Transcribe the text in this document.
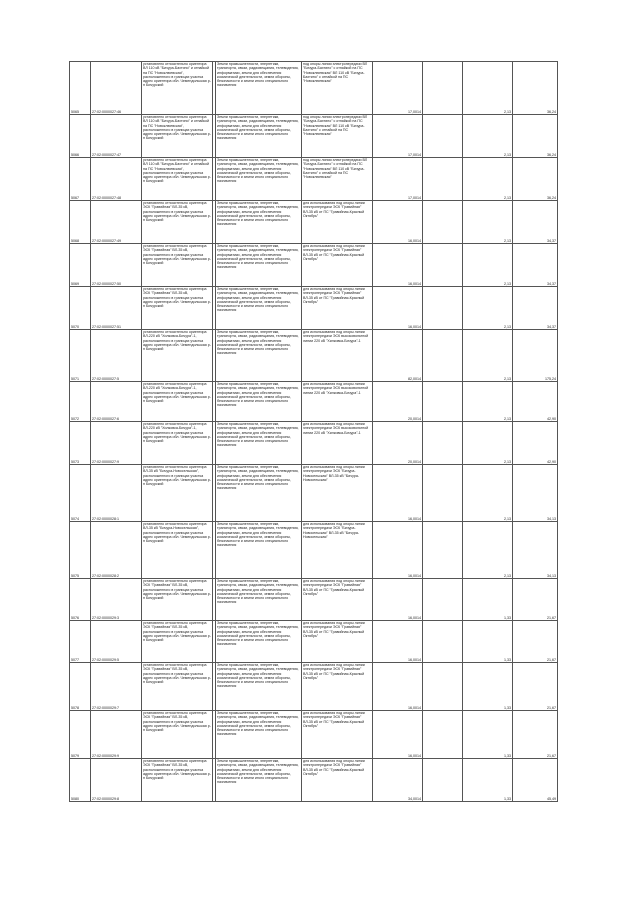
5065	27:02:0000027:46	установлено относительно ориентира ВЛ 110 кВ "Бичура-Бахтино" и отпайкой на ПС "Новоклюевская", расположенного в границах участка адрес ориентира обл. Чемендольская р-н Бичурский		Земли промышленности, энергетики, транспорта, связи, радиовещания, телевидения, информатики, земли для обеспечения космической деятельности, земли обороны, безопасности и земли иного специального назначения	под опоры линии электропередачи ВЛ "Бичура-Бахтино" с отпайкой на ПС "Новоклюевская" ВЛ 110 кВ "Бичура-Бахтино" с отпайкой на ПС "Новоклюевская"	17,0014		2,13	36,24
5066	27:02:0000027:47	установлено относительно ориентира ВЛ 110 кВ "Бичура-Бахтино" и отпайкой на ПС "Новоклюевская", расположенного в границах участка адрес ориентира обл. Чемендольская р-н Бичурский		Земли промышленности, энергетики, транспорта, связи, радиовещания, телевидения, информатики, земли для обеспечения космической деятельности, земли обороны, безопасности и земли иного специального назначения	под опоры линии электропередачи ВЛ "Бичура-Бахтино" с отпайкой на ПС "Новоклюевская" ВЛ 110 кВ "Бичура-Бахтино" с отпайкой на ПС "Новоклюевская"	17,0014		2,13	36,24
5067	27:02:0000027:48	установлено относительно ориентира ВЛ 110 кВ "Бичура-Бахтино" и отпайкой на ПС "Новоклюевская", расположенного в границах участка адрес ориентира обл. Чемендольская р-н Бичурский		Земли промышленности, энергетики, транспорта, связи, радиовещания, телевидения, информатики, земли для обеспечения космической деятельности, земли обороны, безопасности и земли иного специального назначения	под опоры линии электропередачи ВЛ "Бичура-Бахтино" с отпайкой на ПС "Новоклюевская" ВЛ 110 кВ "Бичура-Бахтино" с отпайкой на ПС "Новоклюевская"	17,0014		2,13	36,24
5068	27:02:0000027:49	установлено относительно ориентира ЭСК "Гравийная" ВЛ-35 кВ, расположенного в границах участка адрес ориентира обл. Чемендольская р-н Бичурский		Земли промышленности, энергетики, транспорта, связи, радиовещания, телевидения, информатики, земли для обеспечения космической деятельности, земли обороны, безопасности и земли иного специального назначения	для использования под опоры линии электропередачи ЭСК "Гравийная" ВЛ-35 кВ от ПС "Гравийная-Красный Октябрь"	16,0014		2,13	34,37
5069	27:02:0000027:50	установлено относительно ориентира ЭСК "Гравийная" ВЛ-35 кВ, расположенного в границах участка адрес ориентира обл. Чемендольская р-н Бичурский		Земли промышленности, энергетики, транспорта, связи, радиовещания, телевидения, информатики, земли для обеспечения космической деятельности, земли обороны, безопасности и земли иного специального назначения	для использования под опоры линии электропередачи ЭСК "Гравийная" ВЛ-35 кВ от ПС "Гравийная-Красный Октябрь"	16,0014		2,13	34,37
5070	27:02:0000027:51	установлено относительно ориентира ЭСК "Гравийная" ВЛ-35 кВ, расположенного в границах участка адрес ориентира обл. Чемендольская р-н Бичурский		Земли промышленности, энергетики, транспорта, связи, радиовещания, телевидения, информатики, земли для обеспечения космической деятельности, земли обороны, безопасности и земли иного специального назначения	для использования под опоры линии электропередачи ЭСК "Гравийная" ВЛ-35 кВ от ПС "Гравийная-Красный Октябрь"	16,0014		2,13	34,37
5071	27:02:0000027:5	установлено относительно ориентира ВЛ-220 кВ "Хилковка-Бичура"-1, расположенного в границах участка адрес ориентира обл. Чемендольская р-н Бичурский		Земли промышленности, энергетики, транспорта, связи, радиовещания, телевидения, информатики, земли для обеспечения космической деятельности, земли обороны, безопасности и земли иного специального назначения	для использования под опоры линии электропередачи ЭСК высоковольтной линии 220 кВ "Хилковка-Бичура"-1	82,0014		2,13	175,24
5072	27:02:0000027:6	установлено относительно ориентира ВЛ-220 кВ "Хилковка-Бичура"-1, расположенного в границах участка адрес ориентира обл. Чемендольская р-н Бичурский		Земли промышленности, энергетики, транспорта, связи, радиовещания, телевидения, информатики, земли для обеспечения космической деятельности, земли обороны, безопасности и земли иного специального назначения	для использования под опоры линии электропередачи ЭСК высоковольтной линии 220 кВ "Хилковка-Бичура"-1	20,0014		2,13	42,90
5073	27:02:0000027:9	установлено относительно ориентира ВЛ-220 кВ "Хилковка-Бичура"-1, расположенного в границах участка адрес ориентира обл. Чемендольская р-н Бичурский		Земли промышленности, энергетики, транспорта, связи, радиовещания, телевидения, информатики, земли для обеспечения космической деятельности, земли обороны, безопасности и земли иного специального назначения	для использования под опоры линии электропередачи ЭСК высоковольтной линии 220 кВ "Хилковка-Бичура"-1	20,0014		2,13	42,90
5074	27:02:0000028:1	установлено относительно ориентира ВЛ-35 кВ "Бичура-Новосельская", расположенного в границах участка адрес ориентира обл. Чемендольская р-н Бичурский		Земли промышленности, энергетики, транспорта, связи, радиовещания, телевидения, информатики, земли для обеспечения космической деятельности, земли обороны, безопасности и земли иного специального назначения	для использования под опоры линии электропередачи ЭСК "Бичура-Новосельская" ВЛ-35 кВ "Бичура-Новосельская"	16,0014		2,13	34,13
5075	27:02:0000028:2	установлено относительно ориентира ВЛ-35 кВ "Бичура-Новосельская", расположенного в границах участка адрес ориентира обл. Чемендольская р-н Бичурский		Земли промышленности, энергетики, транспорта, связи, радиовещания, телевидения, информатики, земли для обеспечения космической деятельности, земли обороны, безопасности и земли иного специального назначения	для использования под опоры линии электропередачи ЭСК "Бичура-Новосельская" ВЛ-35 кВ "Бичура-Новосельская"	16,0014		2,13	34,13
5076	27:02:0000029:3	установлено относительно ориентира ЭСК "Гравийная" ВЛ-35 кВ, расположенного в границах участка адрес ориентира обл. Чемендольская р-н Бичурский		Земли промышленности, энергетики, транспорта, связи, радиовещания, телевидения, информатики, земли для обеспечения космической деятельности, земли обороны, безопасности и земли иного специального назначения	для использования под опоры линии электропередачи ЭСК "Гравийная" ВЛ-35 кВ от ПС "Гравийная-Красный Октябрь"	16,0014		1,33	21,67
5077	27:02:0000029:5	установлено относительно ориентира ЭСК "Гравийная" ВЛ-35 кВ, расположенного в границах участка адрес ориентира обл. Чемендольская р-н Бичурский		Земли промышленности, энергетики, транспорта, связи, радиовещания, телевидения, информатики, земли для обеспечения космической деятельности, земли обороны, безопасности и земли иного специального назначения	для использования под опоры линии электропередачи ЭСК "Гравийная" ВЛ-35 кВ от ПС "Гравийная-Красный Октябрь"	16,0014		1,33	21,67
5078	27:02:0000029:7	установлено относительно ориентира ЭСК "Гравийная" ВЛ-35 кВ, расположенного в границах участка адрес ориентира обл. Чемендольская р-н Бичурский		Земли промышленности, энергетики, транспорта, связи, радиовещания, телевидения, информатики, земли для обеспечения космической деятельности, земли обороны, безопасности и земли иного специального назначения	для использования под опоры линии электропередачи ЭСК "Гравийная" ВЛ-35 кВ от ПС "Гравийная-Красный Октябрь"	16,0014		1,33	21,67
5079	27:02:0000029:9	установлено относительно ориентира ЭСК "Гравийная" ВЛ-35 кВ, расположенного в границах участка адрес ориентира обл. Чемендольская р-н Бичурский		Земли промышленности, энергетики, транспорта, связи, радиовещания, телевидения, информатики, земли для обеспечения космической деятельности, земли обороны, безопасности и земли иного специального назначения	для использования под опоры линии электропередачи ЭСК "Гравийная" ВЛ-35 кВ от ПС "Гравийная-Красный Октябрь"	16,0014		1,33	21,67
5080	27:02:0000029:8	установлено относительно ориентира ЭСК "Гравийная" ВЛ-35 кВ, расположенного в границах участка адрес ориентира обл. Чемендольская р-н Бичурский		Земли промышленности, энергетики, транспорта, связи, радиовещания, телевидения, информатики, земли для обеспечения космической деятельности, земли обороны, безопасности и земли иного специального назначения	для использования под опоры линии электропередачи ЭСК "Гравийная" ВЛ-35 кВ от ПС "Гравийная-Красный Октябрь"	34,0014		1,33	45,49
